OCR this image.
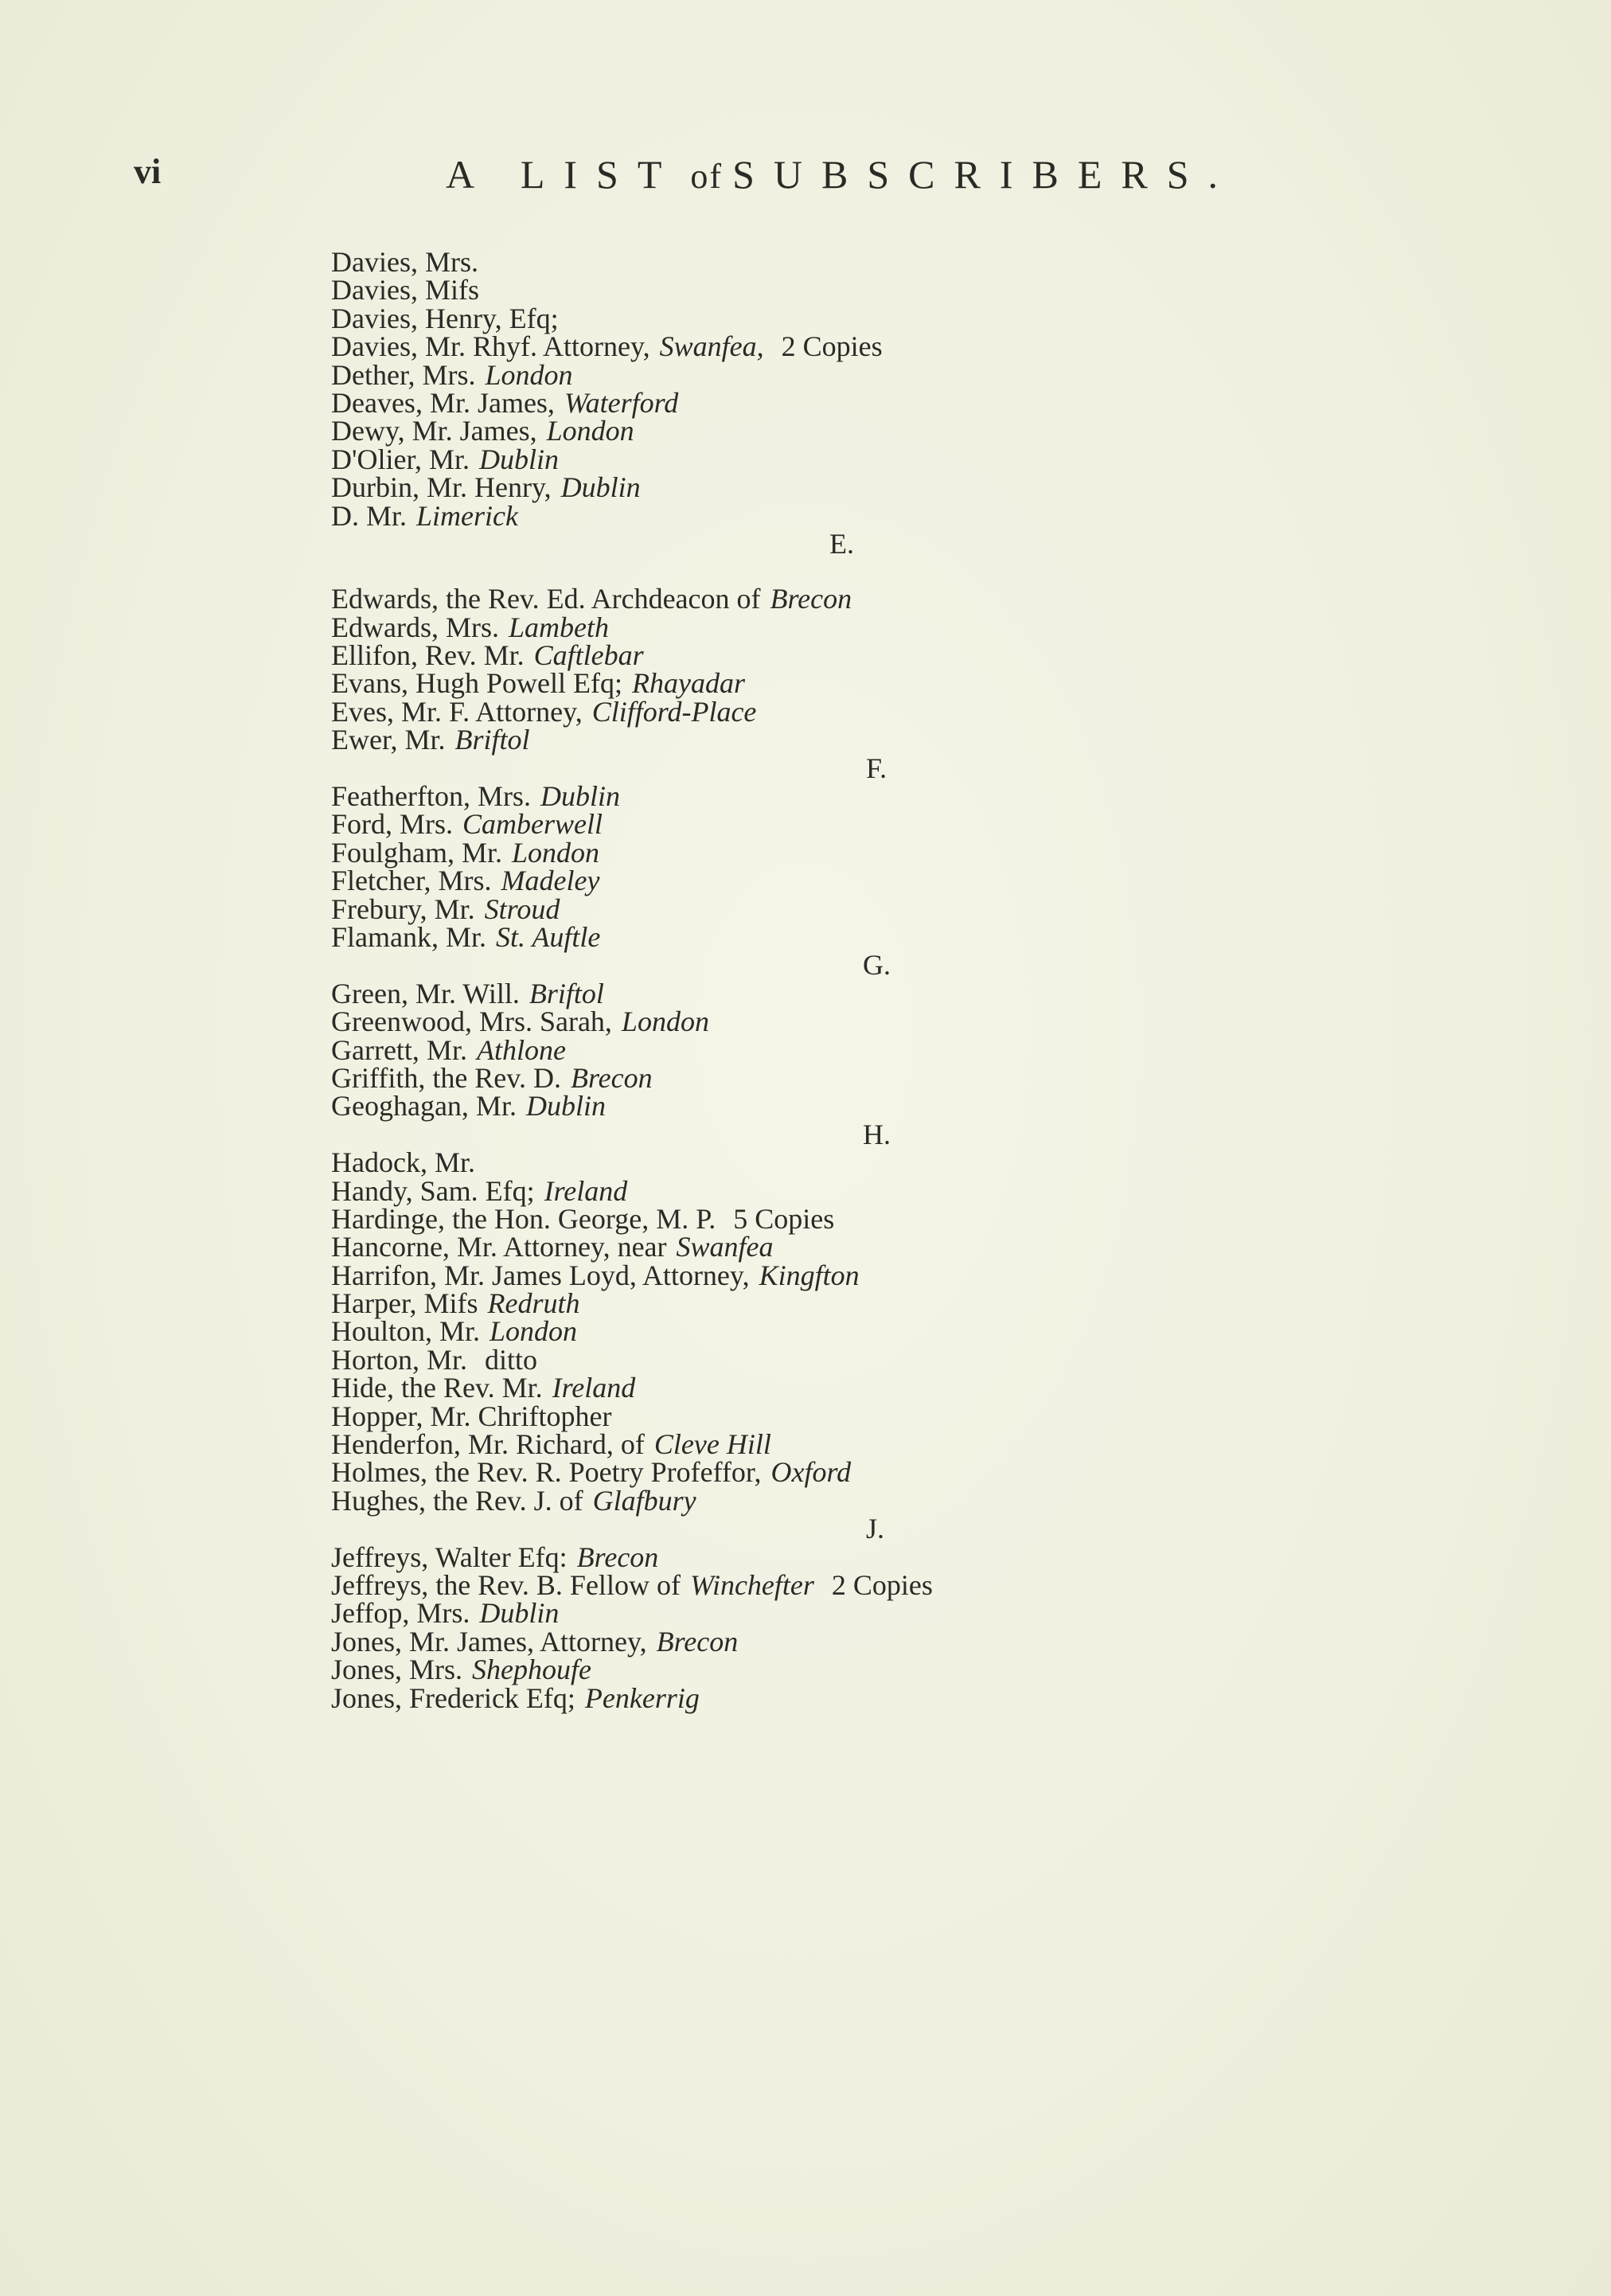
vi	A LIST of SUBSCRIBERS.
Davies, Mrs.
Davies, Mifs
Davies, Henry, Efq;
Davies, Mr. Rhyf. Attorney, Swanfea, 2 Copies
Dether, Mrs. London
Deaves, Mr. James, Waterford
Dewy, Mr. James, London
D'Olier, Mr. Dublin
Durbin, Mr. Henry, Dublin
D. Mr. Limerick
E.
Edwards, the Rev. Ed. Archdeacon of Brecon
Edwards, Mrs. Lambeth
Ellifon, Rev. Mr. Caftlebar
Evans, Hugh Powell Efq; Rhayadar
Eves, Mr. F. Attorney, Clifford-Place
Ewer, Mr. Briftol
F.
Featherfton, Mrs. Dublin
Ford, Mrs. Camberwell
Foulgham, Mr. London
Fletcher, Mrs. Madeley
Frebury, Mr. Stroud
Flamank, Mr. St. Auftle
G.
Green, Mr. Will. Briftol
Greenwood, Mrs. Sarah, London
Garrett, Mr. Athlone
Griffith, the Rev. D. Brecon
Geoghagan, Mr. Dublin
H.
Hadock, Mr.
Handy, Sam. Efq; Ireland
Hardinge, the Hon. George, M. P. 5 Copies
Hancorne, Mr. Attorney, near Swanfea
Harrifon, Mr. James Loyd, Attorney, Kingfton
Harper, Mifs Redruth
Houlton, Mr. London
Horton, Mr. ditto
Hide, the Rev. Mr. Ireland
Hopper, Mr. Chriftopher
Henderfon, Mr. Richard, of Cleve Hill
Holmes, the Rev. R. Poetry Profeffor, Oxford
Hughes, the Rev. J. of Glafbury
J.
Jeffreys, Walter Efq: Brecon
Jeffreys, the Rev. B. Fellow of Winchefter 2 Copies
Jeffop, Mrs. Dublin
Jones, Mr. James, Attorney, Brecon
Jones, Mrs. Shephoufe
Jones, Frederick Efq; Penkerrig
